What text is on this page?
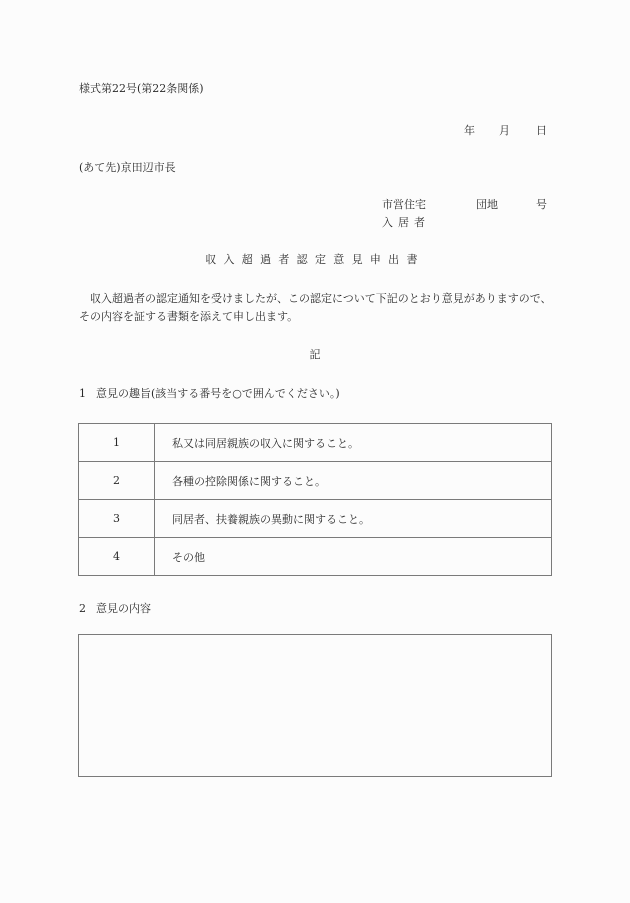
様式第22号(第22条関係)
年 月 日
(あて先)京田辺市長
市営住宅	団地	号
入居者
収入超過者認定意見申出書
収入超過者の認定通知を受けましたが、この認定について下記のとおり意見がありますので、その内容を証する書類を添えて申し出ます。
記
1 意見の趣旨(該当する番号を○で囲んでください。)
1	私又は同居親族の収入に関すること。
2	各種の控除関係に関すること。
3	同居者、扶養親族の異動に関すること。
4	その他
2 意見の内容
